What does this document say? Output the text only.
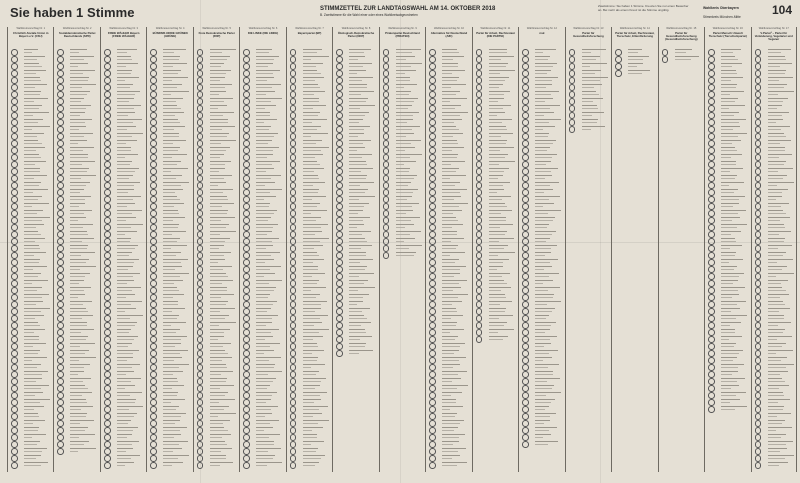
Sie haben 1 Stimme	STIMMZETTEL ZUR LANDTAGSWAHL AM 14. OKTOBER 2018
B. Zweitstimme für die Wahl einer oder eines Wahlkreisabgeordneten
Zweitstimme: Sie haben 1 Stimme. Kreuzen Sie nur einen Bewerber an. Bei mehr als einem Kreuz ist die Stimme ungültig.	Wahlkreis Oberbayern
Stimmkreis München-Mitte	104
Wahlkreisvorschlag Nr. 1
Christlich-Soziale Union in Bayern e.V. (CSU)
Wahlkreisvorschlag Nr. 2
Sozialdemokratische Partei Deutschlands (SPD)
Wahlkreisvorschlag Nr. 3
FREIE WÄHLER Bayern (FREIE WÄHLER)
Wahlkreisvorschlag Nr. 4
BÜNDNIS 90/DIE GRÜNEN (GRÜNE)
Wahlkreisvorschlag Nr. 5
Freie Demokratische Partei (FDP)
Wahlkreisvorschlag Nr. 6
DIE LINKE (DIE LINKE)
Wahlkreisvorschlag Nr. 7
Bayernpartei (BP)
Wahlkreisvorschlag Nr. 8
Ökologisch-Demokratische Partei (ÖDP)
Wahlkreisvorschlag Nr. 9
Piratenpartei Deutschland (PIRATEN)
Wahlkreisvorschlag Nr. 10
Alternative für Deutschland (AfD)
Wahlkreisvorschlag Nr. 11
Partei für Arbeit, Rechtsstaat (DIE PARTEI)
Wahlkreisvorschlag Nr. 12
mut
Wahlkreisvorschlag Nr. 13
Partei für Gesundheitsforschung
Wahlkreisvorschlag Nr. 14
Partei für Arbeit, Rechtsstaat, Tierschutz, Elitenförderung
Wahlkreisvorschlag Nr. 15
Partei für Gesundheitsforschung (Gesundheitsforschung)
Wahlkreisvorschlag Nr. 16
Partei Mensch Umwelt Tierschutz (Tierschutzpartei)
Wahlkreisvorschlag Nr. 17
V-Partei³ – Partei für Veränderung, Vegetarier und Veganer
